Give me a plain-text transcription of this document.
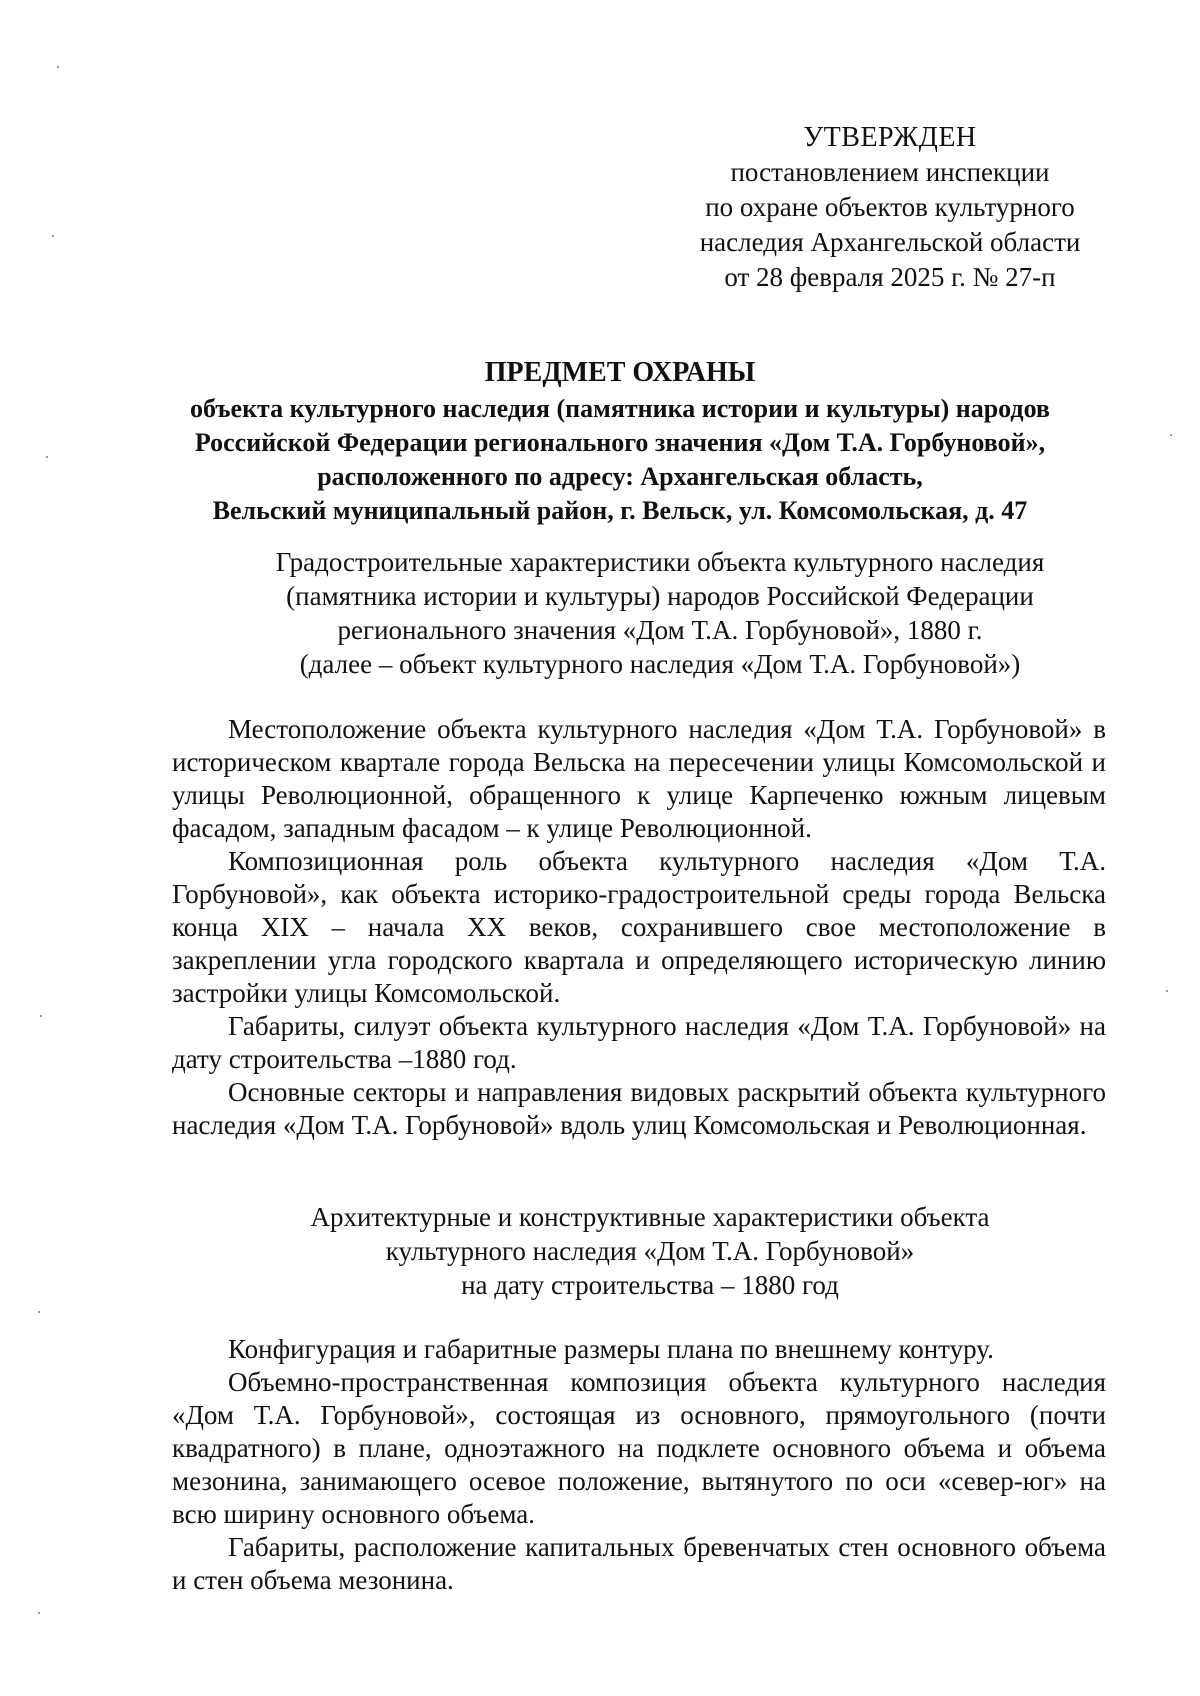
УТВЕРЖДЕН
постановлением инспекции
по охране объектов культурного
наследия Архангельской области
от 28 февраля 2025 г. № 27-п
ПРЕДМЕТ ОХРАНЫ
объекта культурного наследия (памятника истории и культуры) народов
Российской Федерации регионального значения «Дом Т.А. Горбуновой»,
расположенного по адресу: Архангельская область,
Вельский муниципальный район, г. Вельск, ул. Комсомольская, д. 47
Градостроительные характеристики объекта культурного наследия
(памятника истории и культуры) народов Российской Федерации
регионального значения «Дом Т.А. Горбуновой», 1880 г.
(далее – объект культурного наследия «Дом Т.А. Горбуновой»)

Местоположение объекта культурного наследия «Дом Т.А. Горбуновой» в историческом квартале города Вельска на пересечении улицы Комсомольской и улицы Революционной, обращенного к улице Карпеченко южным лицевым фасадом, западным фасадом – к улице Революционной.

Композиционная роль объекта культурного наследия «Дом Т.А. Горбуновой», как объекта историко-градостроительной среды города Вельска конца XIX – начала XX веков, сохранившего свое местоположение в закреплении угла городского квартала и определяющего историческую линию застройки улицы Комсомольской.

Габариты, силуэт объекта культурного наследия «Дом Т.А. Горбуновой» на дату строительства –1880 год.

Основные секторы и направления видовых раскрытий объекта культурного наследия «Дом Т.А. Горбуновой» вдоль улиц Комсомольская и Революционная.

Архитектурные и конструктивные характеристики объекта
культурного наследия «Дом Т.А. Горбуновой»
на дату строительства – 1880 год

Конфигурация и габаритные размеры плана по внешнему контуру.

Объемно-пространственная композиция объекта культурного наследия «Дом Т.А. Горбуновой», состоящая из основного, прямоугольного (почти квадратного) в плане, одноэтажного на подклете основного объема и объема мезонина, занимающего осевое положение, вытянутого по оси «север-юг» на всю ширину основного объема.

Габариты, расположение капитальных бревенчатых стен основного объема и стен объема мезонина.
